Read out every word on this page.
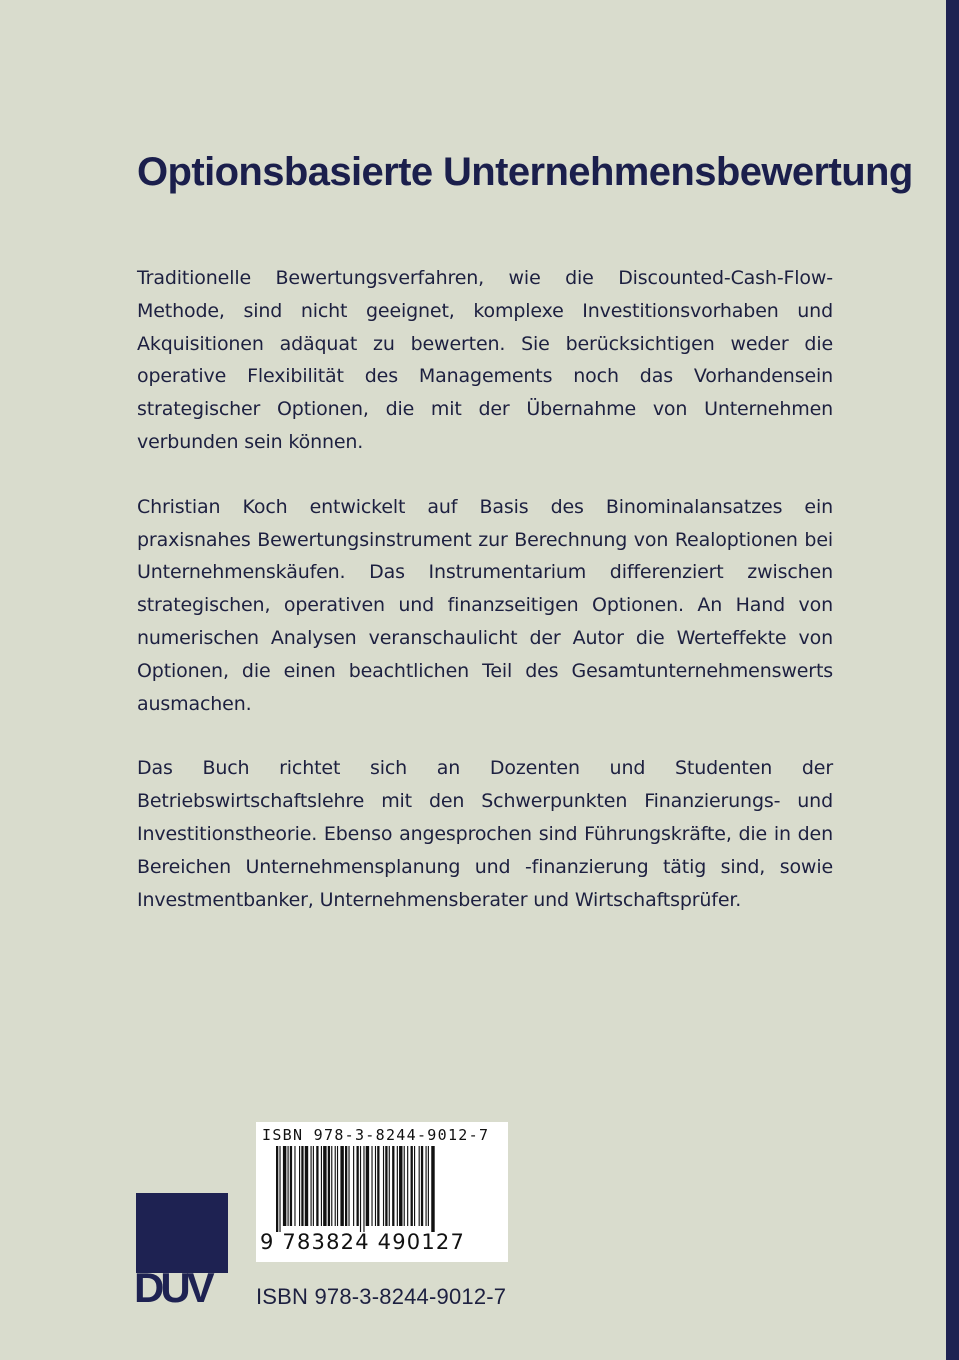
Optionsbasierte Unternehmensbewertung

Traditionelle Bewertungsverfahren, wie die Discounted-Cash-Flow-Methode, sind nicht geeignet, komplexe Investitionsvorhaben und Akquisitionen adäquat zu bewerten. Sie berücksichtigen weder die operative Flexibilität des Managements noch das Vorhandensein strategischer Optionen, die mit der Übernahme von Unternehmen verbunden sein können.

Christian Koch entwickelt auf Basis des Binominalansatzes ein praxisnahes Bewertungsinstrument zur Berechnung von Realoptionen bei Unternehmenskäufen. Das Instrumentarium differenziert zwischen strategischen, operativen und finanzseitigen Optionen. An Hand von numerischen Analysen veranschaulicht der Autor die Werteffekte von Optionen, die einen beachtlichen Teil des Gesamtunternehmenswerts ausmachen.

Das Buch richtet sich an Dozenten und Studenten der Betriebswirtschaftslehre mit den Schwerpunkten Finanzierungs- und Investitionstheorie. Ebenso angesprochen sind Führungskräfte, die in den Bereichen Unternehmensplanung und -finanzierung tätig sind, sowie Investmentbanker, Unternehmensberater und Wirtschaftsprüfer.

ISBN 978-3-8244-9012-7
9 783824 490127
DUV ISBN 978-3-8244-9012-7
